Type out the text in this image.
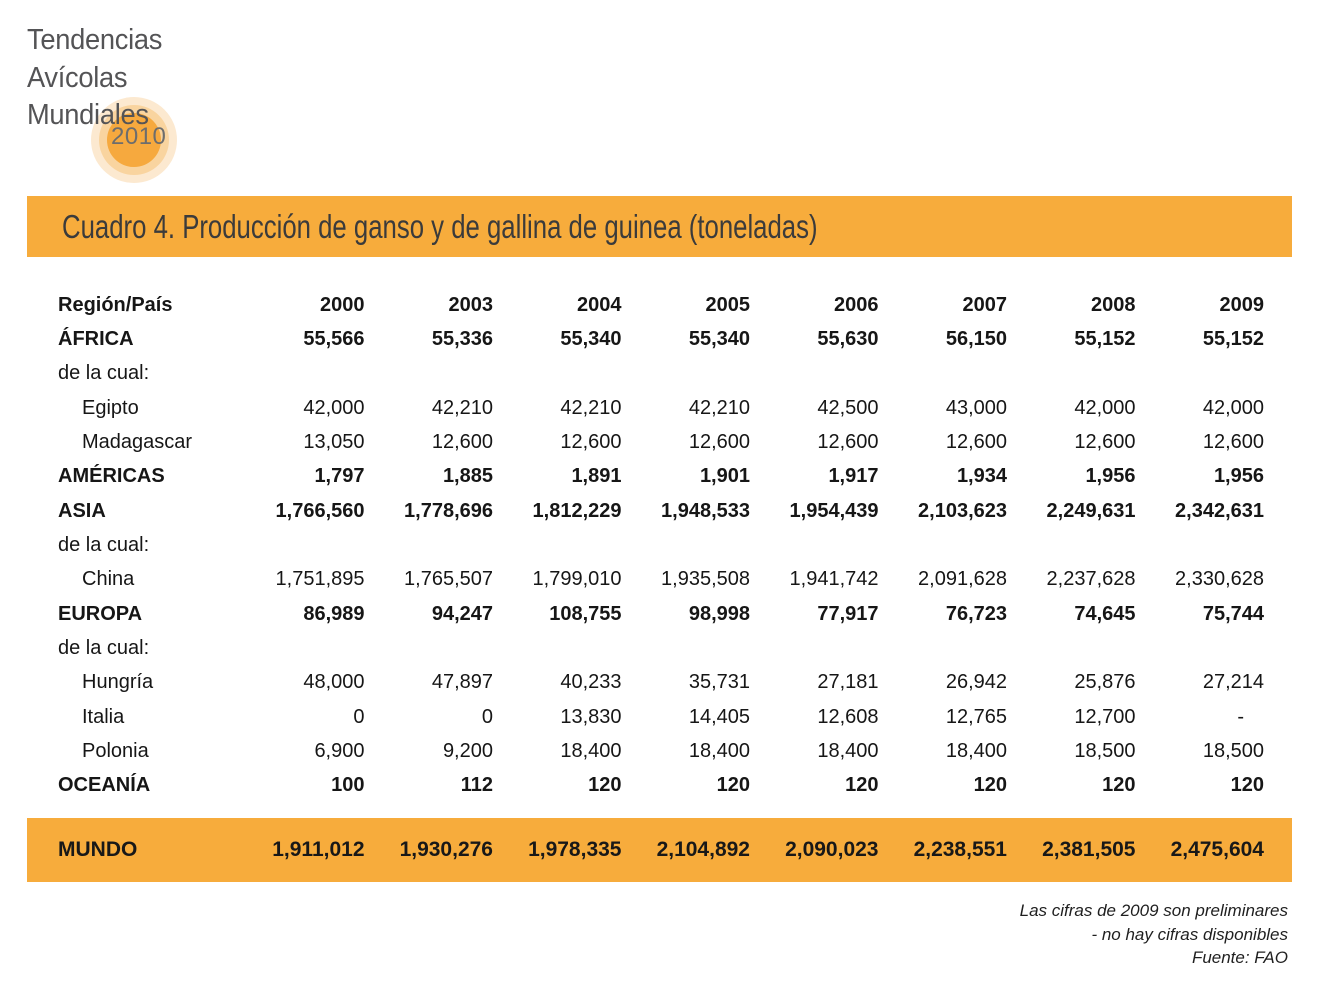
2010
Tendencias
Avícolas
Mundiales
Cuadro 4. Producción de ganso y de gallina de guinea (toneladas)
Región/País	2000	2003	2004	2005	2006	2007	2008	2009
ÁFRICA	55,566	55,336	55,340	55,340	55,630	56,150	55,152	55,152
de la cual:
Egipto	42,000	42,210	42,210	42,210	42,500	43,000	42,000	42,000
Madagascar	13,050	12,600	12,600	12,600	12,600	12,600	12,600	12,600
AMÉRICAS	1,797	1,885	1,891	1,901	1,917	1,934	1,956	1,956
ASIA	1,766,560	1,778,696	1,812,229	1,948,533	1,954,439	2,103,623	2,249,631	2,342,631
de la cual:
China	1,751,895	1,765,507	1,799,010	1,935,508	1,941,742	2,091,628	2,237,628	2,330,628
EUROPA	86,989	94,247	108,755	98,998	77,917	76,723	74,645	75,744
de la cual:
Hungría	48,000	47,897	40,233	35,731	27,181	26,942	25,876	27,214
Italia	0	0	13,830	14,405	12,608	12,765	12,700	-
Polonia	6,900	9,200	18,400	18,400	18,400	18,400	18,500	18,500
OCEANÍA	100	112	120	120	120	120	120	120
MUNDO	1,911,012	1,930,276	1,978,335	2,104,892	2,090,023	2,238,551	2,381,505	2,475,604
Las cifras de 2009 son preliminares
- no hay cifras disponibles
Fuente: FAO
